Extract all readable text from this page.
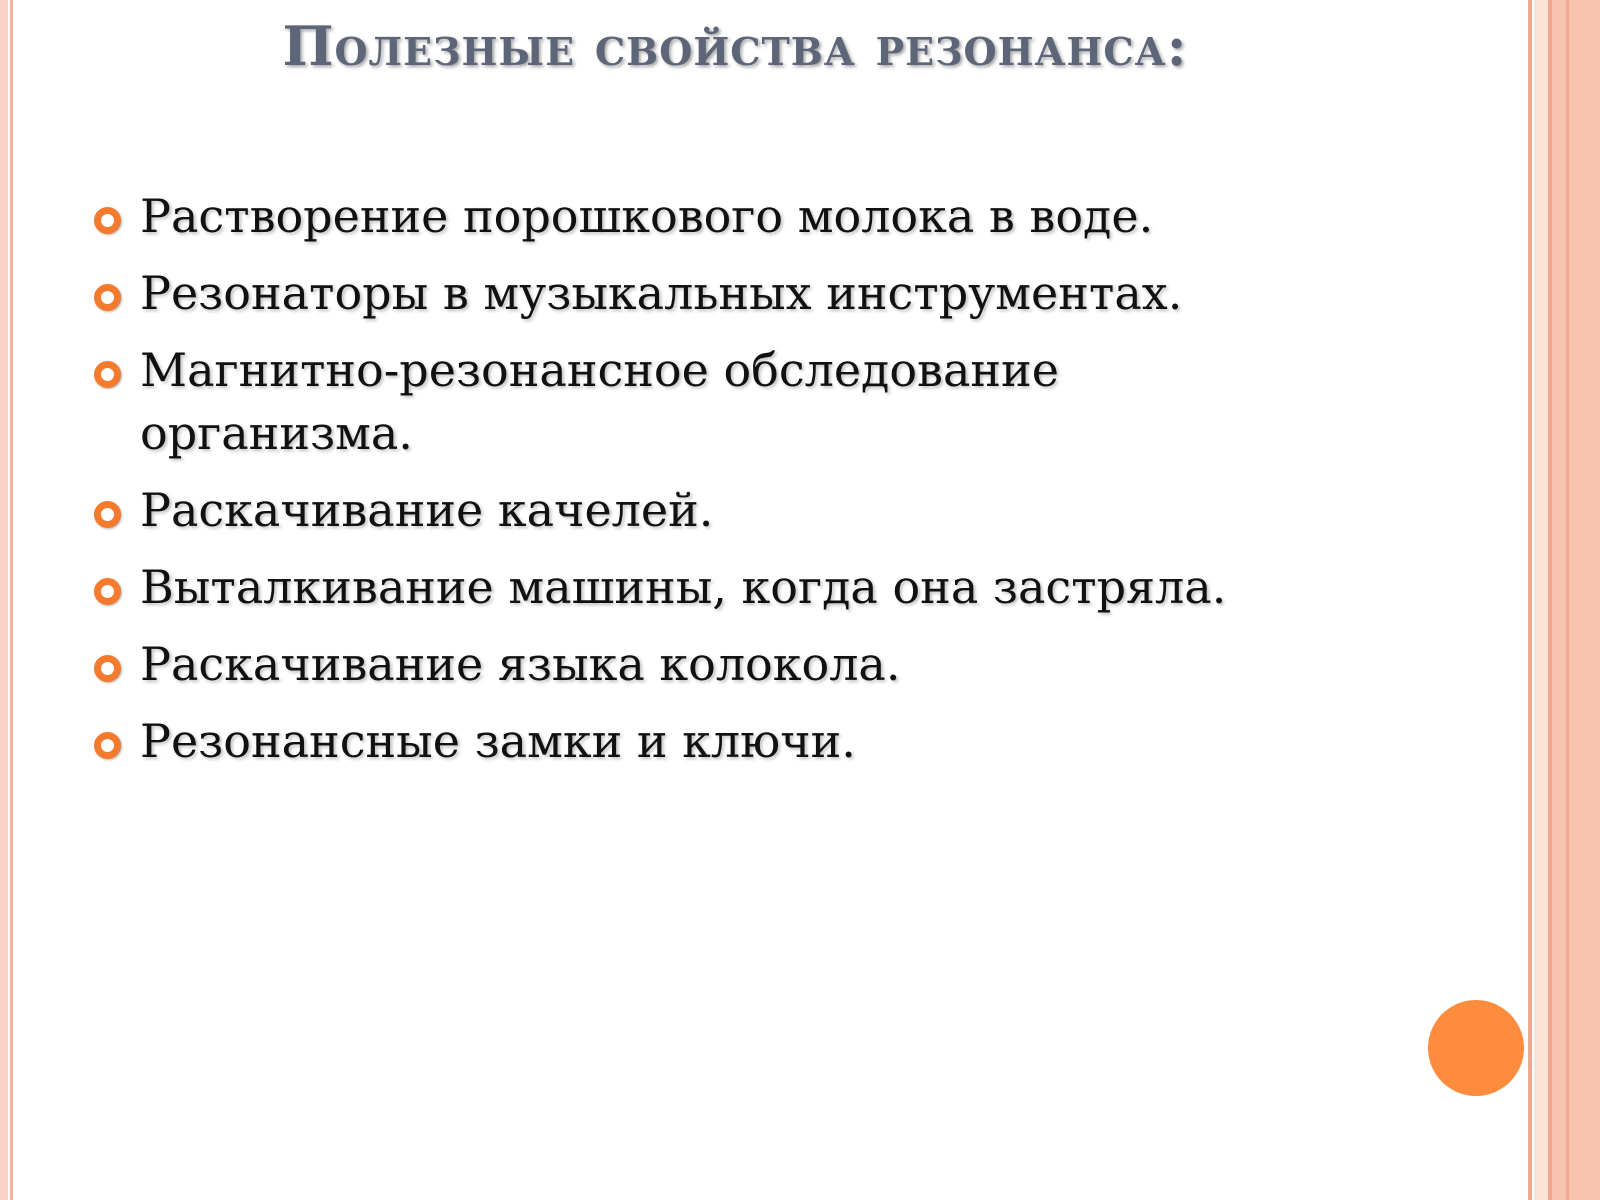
Полезные свойства резонанса:
Растворение порошкового молока в воде.
Резонаторы в музыкальных инструментах.
Магнитно-резонансное обследование организма.
Раскачивание качелей.
Выталкивание машины, когда она застряла.
Раскачивание языка колокола.
Резонансные замки и ключи.
